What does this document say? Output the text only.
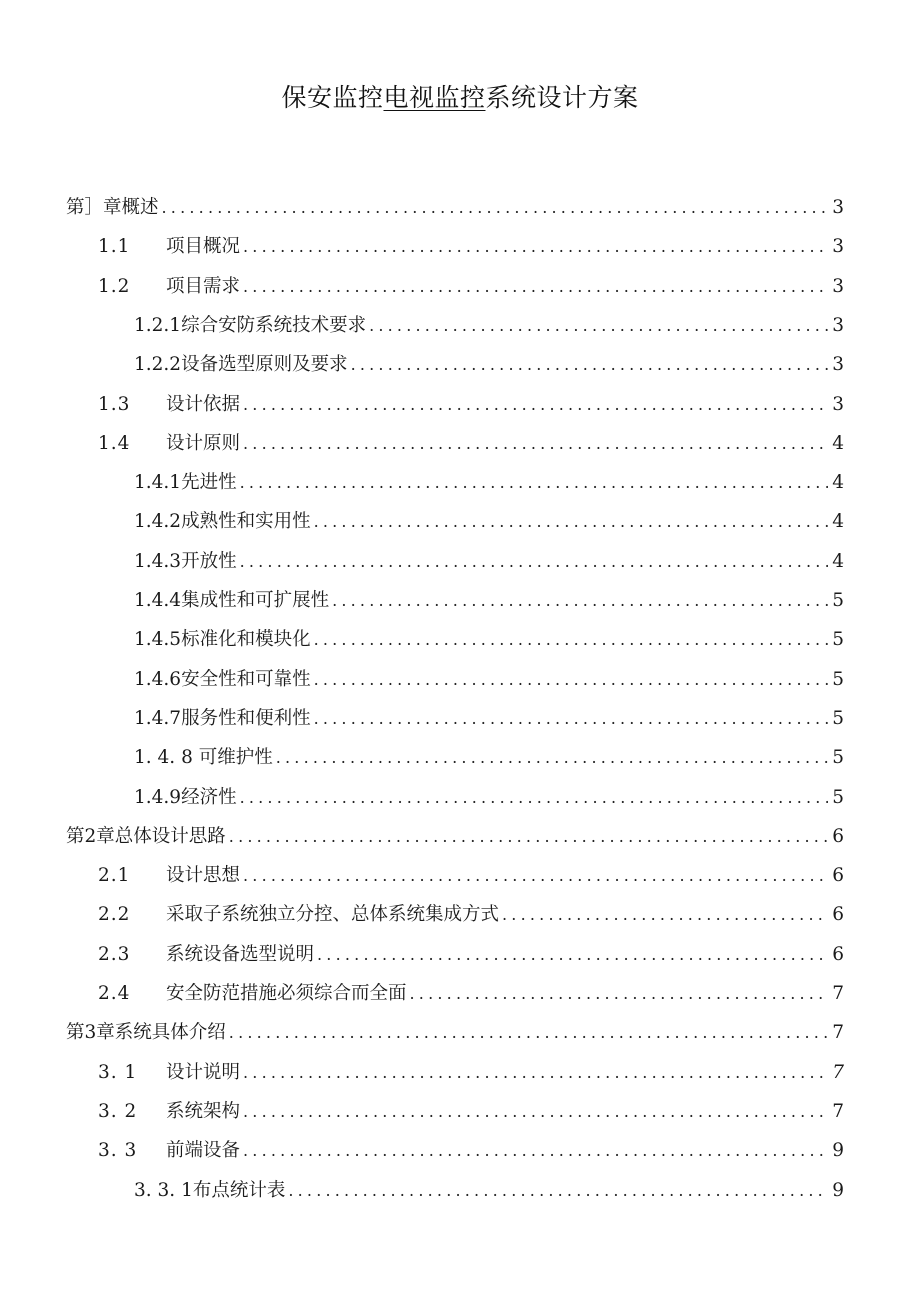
保安监控电视监控系统设计方案
第］章概述 .....	3
1.1	项目概况 .....	3
1.2	项目需求 .....	3
1.2.1综合安防系统技术要求 .....	3
1.2.2设备选型原则及要求 .....	3
1.3	设计依据 .....	3
1.4	设计原则 .....	4
1.4.1先进性 .....	4
1.4.2成熟性和实用性 .....	4
1.4.3开放性 .....	4
1.4.4集成性和可扩展性 .....	5
1.4.5标准化和模块化 .....	5
1.4.6安全性和可靠性 .....	5
1.4.7服务性和便利性 .....	5
1. 4. 8 可维护性 .....	5
1.4.9经济性 .....	5
第2章总体设计思路 .....	6
2.1	设计思想 .....	6
2.2	采取子系统独立分控、总体系统集成方式 .....	6
2.3	系统设备选型说明 .....	6
2.4	安全防范措施必须综合而全面 .....	7
第3章系统具体介绍 .....	7
3. 1	设计说明 .....	7
3. 2	系统架构 .....	7
3. 3	前端设备 .....	9
3. 3. 1布点统计表 .....	9
